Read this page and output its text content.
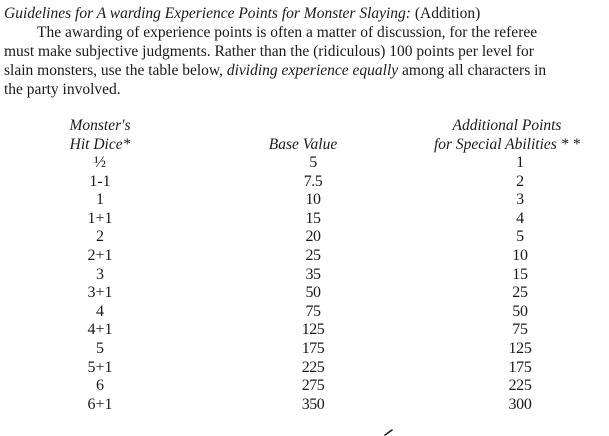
Guidelines for A warding Experience Points for Monster Slaying: (Addition)
The awarding of experience points is often a matter of discussion, for the referee
must make subjective judgments. Rather than the (ridiculous) 100 points per level for
slain monsters, use the table below, dividing experience equally among all characters in
the party involved.
Monster's
Hit Dice*	Base Value
Additional Points
for Special Abilities * *
½
1-1
1
1+1
2
2+1
3
3+1
4
4+1
5
5+1
6
6+1
5
7.5
10
15
20
25
35
50
75
125
175
225
275
350
1
2
3
4
5
10
15
25
50
75
125
175
225
300
